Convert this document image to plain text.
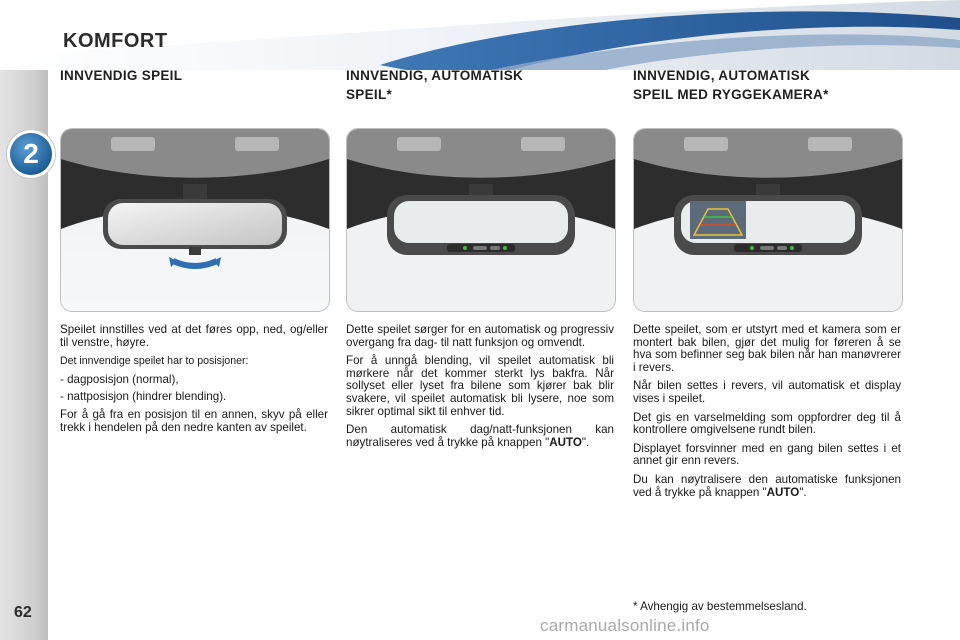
2
KOMFORT
62
INNVENDIG SPEIL

Speilet innstilles ved at det føres opp, ned, og/eller til venstre, høyre.

Det innvendige speilet har to posisjoner:

- dagposisjon (normal),

- nattposisjon (hindrer blending).

For å gå fra en posisjon til en annen, skyv på eller trekk i hendelen på den nedre kanten av speilet.

INNVENDIG, AUTOMATISK
SPEIL*

Dette speilet sørger for en automatisk og progressiv overgang fra dag- til natt funksjon og omvendt.

For å unngå blending, vil speilet automatisk bli mørkere når det kommer sterkt lys bakfra. Når sollyset eller lyset fra bilene som kjører bak blir svakere, vil speilet automatisk bli lysere, noe som sikrer optimal sikt til enhver tid.

Den automatisk dag/natt-funksjonen kan nøytraliseres ved å trykke på knappen "AUTO".

INNVENDIG, AUTOMATISK
SPEIL MED RYGGEKAMERA*

Dette speilet, som er utstyrt med et kamera som er montert bak bilen, gjør det mulig for føreren å se hva som befinner seg bak bilen når han manøvrerer i revers.

Når bilen settes i revers, vil automatisk et display vises i speilet.

Det gis en varselmelding som oppfordrer deg til å kontrollere omgivelsene rundt bilen.

Displayet forsvinner med en gang bilen settes i et annet gir enn revers.

Du kan nøytralisere den automatiske funksjonen ved å trykke på knappen "AUTO".

* Avhengig av bestemmelsesland.
carmanualsonline.info
